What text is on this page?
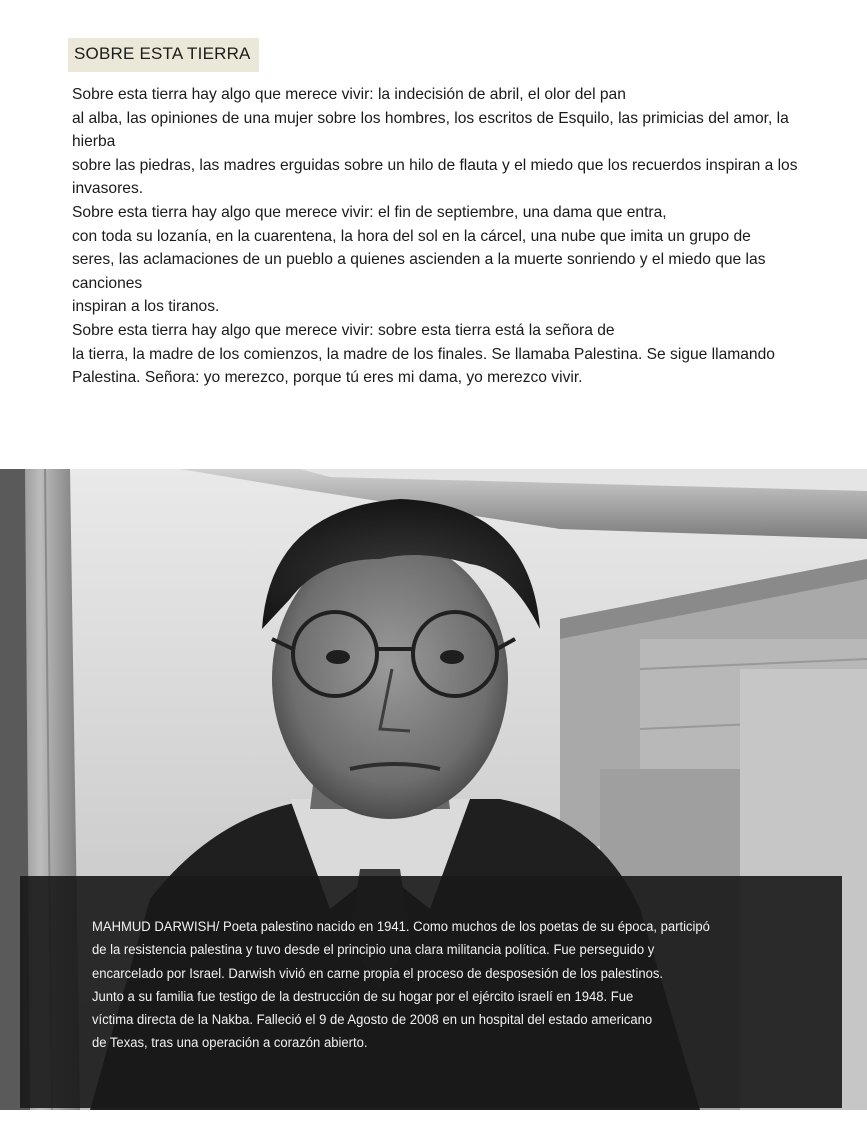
SOBRE ESTA TIERRA
Sobre esta tierra hay algo que merece vivir: la indecisión de abril, el olor del pan
al alba, las opiniones de una mujer sobre los hombres, los escritos de Esquilo, las primicias del amor, la hierba
sobre las piedras, las madres erguidas sobre un hilo de flauta y el miedo que los recuerdos inspiran a los invasores.
Sobre esta tierra hay algo que merece vivir: el fin de septiembre, una dama que entra,
con toda su lozanía, en la cuarentena, la hora del sol en la cárcel, una nube que imita un grupo de
seres, las aclamaciones de un pueblo a quienes ascienden a la muerte sonriendo y el miedo que las canciones
inspiran a los tiranos.
Sobre esta tierra hay algo que merece vivir: sobre esta tierra está la señora de
la tierra, la madre de los comienzos, la madre de los finales. Se llamaba Palestina. Se sigue llamando
Palestina. Señora: yo merezco, porque tú eres mi dama, yo merezco vivir.
MAHMUD DARWISH/ Poeta palestino nacido en 1941. Como muchos de los poetas de su época, participó
de la resistencia palestina y tuvo desde el principio una clara militancia política. Fue perseguido y
encarcelado por Israel. Darwish vivió en carne propia el proceso de desposesión de los palestinos.
Junto a su familia fue testigo de la destrucción de su hogar por el ejército israelí en 1948. Fue
víctima directa de la Nakba. Falleció el 9 de Agosto de 2008 en un hospital del estado americano
de Texas, tras una operación a corazón abierto.
